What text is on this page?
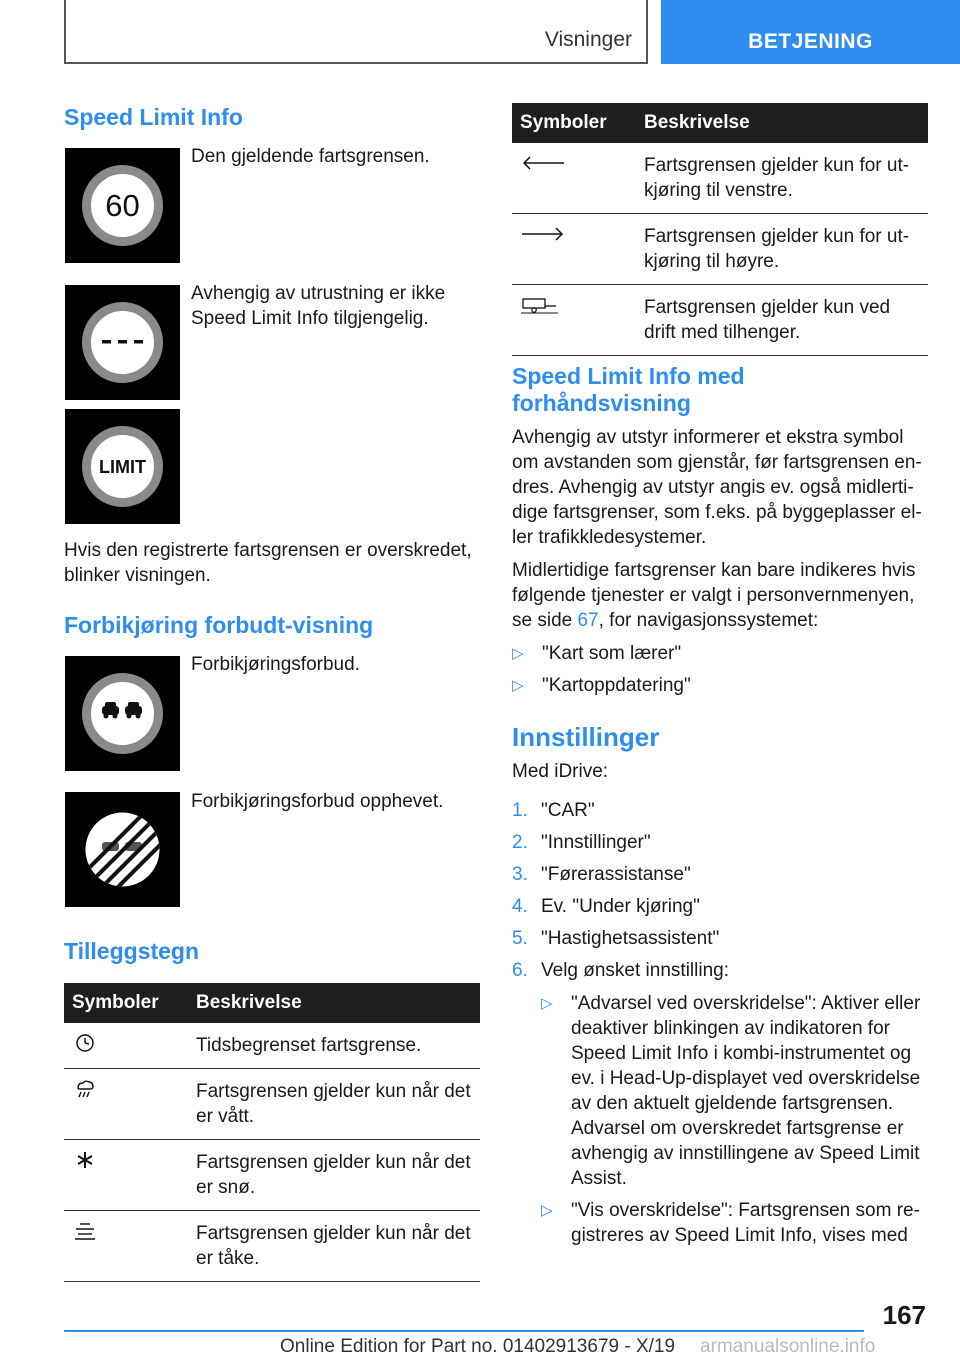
Visninger	BETJENING
Speed Limit Info
60

Den gjeldende fartsgrensen.

Avhengig av utrustning er ikke

Speed Limit Info tilgjengelig.

LIMIT

Hvis den registrerte fartsgrensen er overskredet,

blinker visningen.

Forbikjøring forbudt-visning

Forbikjøringsforbud.

Forbikjøringsforbud opphevet.

Tilleggstegn
Symboler	Beskrivelse
	Tidsbegrenset fartsgrense.

Fartsgrensen gjelder kun når det
er vått.

Fartsgrensen gjelder kun når det
er snø.

Fartsgrensen gjelder kun når det
er tåke.
Symboler	Beskrivelse

Fartsgrensen gjelder kun for ut-
kjøring til venstre.

Fartsgrensen gjelder kun for ut-
kjøring til høyre.

Fartsgrensen gjelder kun ved
drift med tilhenger.
Speed Limit Info med
forhåndsvisning
Avhengig av utstyr informerer et ekstra symbol
om avstanden som gjenstår, før fartsgrensen en-
dres. Avhengig av utstyr angis ev. også midlerti-
dige fartsgrenser, som f.eks. på byggeplasser el-
ler trafikkledesystemer.
Midlertidige fartsgrenser kan bare indikeres hvis
følgende tjenester er valgt i personvernmenyen,
se side 67, for navigasjonssystemet:
▷ "Kart som lærer"
▷ "Kartoppdatering"
Innstillinger

Med iDrive:

1. "CAR"
2. "Innstillinger"
3. "Førerassistanse"
4. Ev. "Under kjøring"
5. "Hastighetsassistent"
6. Velg ønsket innstilling:
▷ "Advarsel ved overskridelse": Aktiver eller
deaktiver blinkingen av indikatoren for
Speed Limit Info i kombi-instrumentet og
ev. i Head-Up-displayet ved overskridelse
av den aktuelt gjeldende fartsgrensen.
Advarsel om overskredet fartsgrense er
avhengig av innstillingene av Speed Limit
Assist.
▷ "Vis overskridelse": Fartsgrensen som re-
gistreres av Speed Limit Info, vises med
167
Online Edition for Part no. 01402913679 - X/19 armanualsonline.info
